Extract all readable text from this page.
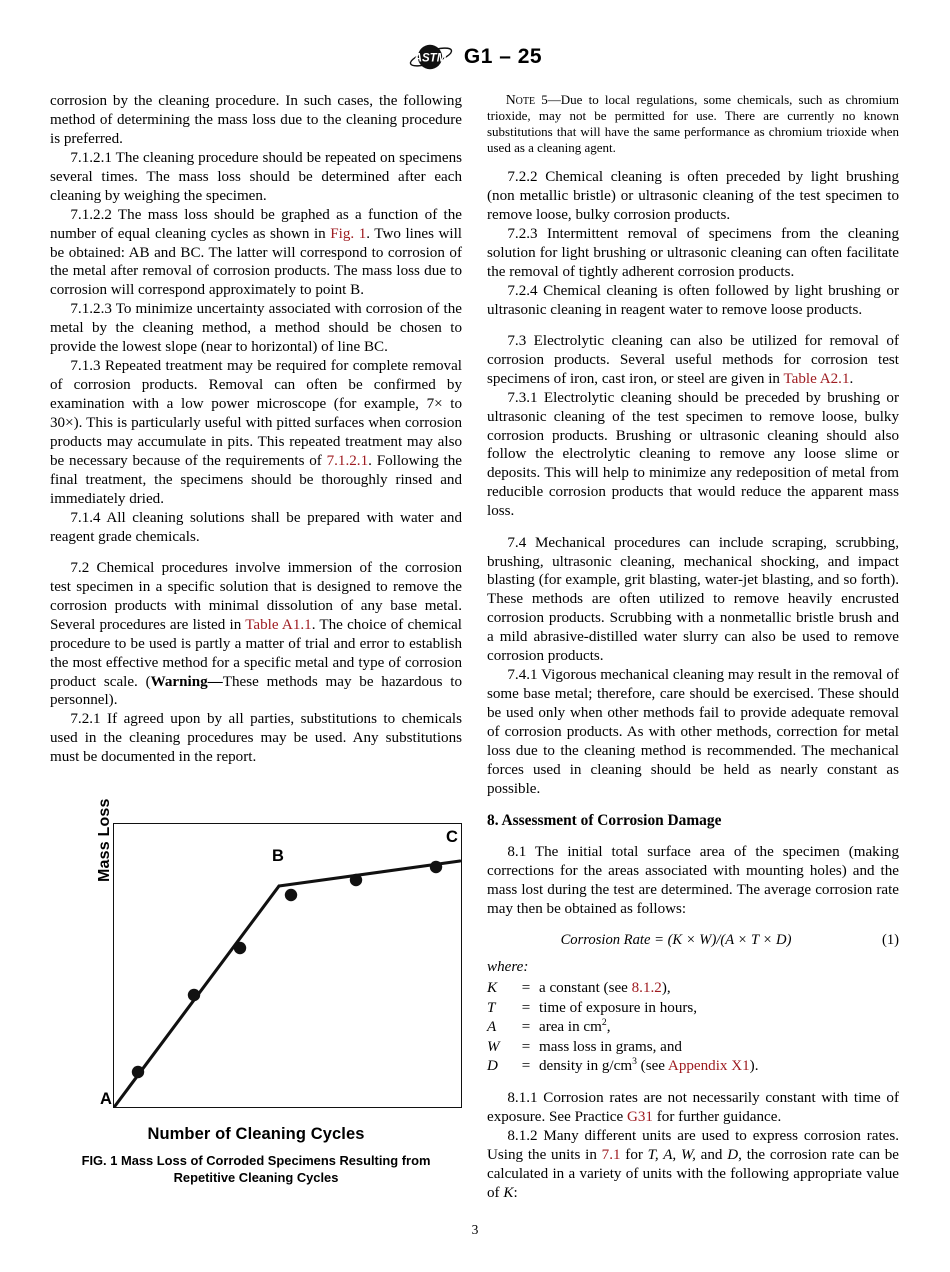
ASTM G1 – 25

corrosion by the cleaning procedure. In such cases, the following method of determining the mass loss due to the cleaning procedure is preferred.

7.1.2.1 The cleaning procedure should be repeated on specimens several times. The mass loss should be determined after each cleaning by weighing the specimen.

7.1.2.2 The mass loss should be graphed as a function of the number of equal cleaning cycles as shown in Fig. 1. Two lines will be obtained: AB and BC. The latter will correspond to corrosion of the metal after removal of corrosion products. The mass loss due to corrosion will correspond approximately to point B.

7.1.2.3 To minimize uncertainty associated with corrosion of the metal by the cleaning method, a method should be chosen to provide the lowest slope (near to horizontal) of line BC.

7.1.3 Repeated treatment may be required for complete removal of corrosion products. Removal can often be confirmed by examination with a low power microscope (for example, 7× to 30×). This is particularly useful with pitted surfaces when corrosion products may accumulate in pits. This repeated treatment may also be necessary because of the requirements of 7.1.2.1. Following the final treatment, the specimens should be thoroughly rinsed and immediately dried.

7.1.4 All cleaning solutions shall be prepared with water and reagent grade chemicals.

7.2 Chemical procedures involve immersion of the corrosion test specimen in a specific solution that is designed to remove the corrosion products with minimal dissolution of any base metal. Several procedures are listed in Table A1.1. The choice of chemical procedure to be used is partly a matter of trial and error to establish the most effective method for a specific metal and type of corrosion product scale. (Warning—These methods may be hazardous to personnel).

7.2.1 If agreed upon by all parties, substitutions to chemicals used in the cleaning procedures may be used. Any substitutions must be documented in the report.

Note 5—Due to local regulations, some chemicals, such as chromium trioxide, may not be permitted for use. There are currently no known substitutions that will have the same performance as chromium trioxide when used as a cleaning agent.

7.2.2 Chemical cleaning is often preceded by light brushing (non metallic bristle) or ultrasonic cleaning of the test specimen to remove loose, bulky corrosion products.

7.2.3 Intermittent removal of specimens from the cleaning solution for light brushing or ultrasonic cleaning can often facilitate the removal of tightly adherent corrosion products.

7.2.4 Chemical cleaning is often followed by light brushing or ultrasonic cleaning in reagent water to remove loose products.

7.3 Electrolytic cleaning can also be utilized for removal of corrosion products. Several useful methods for corrosion test specimens of iron, cast iron, or steel are given in Table A2.1.

7.3.1 Electrolytic cleaning should be preceded by brushing or ultrasonic cleaning of the test specimen to remove loose, bulky corrosion products. Brushing or ultrasonic cleaning should also follow the electrolytic cleaning to remove any loose slime or deposits. This will help to minimize any redeposition of metal from reducible corrosion products that would reduce the apparent mass loss.

7.4 Mechanical procedures can include scraping, scrubbing, brushing, ultrasonic cleaning, mechanical shocking, and impact blasting (for example, grit blasting, water-jet blasting, and so forth). These methods are often utilized to remove heavily encrusted corrosion products. Scrubbing with a nonmetallic bristle brush and a mild abrasive-distilled water slurry can also be used to remove corrosion products.

7.4.1 Vigorous mechanical cleaning may result in the removal of some base metal; therefore, care should be exercised. These should be used only when other methods fail to provide adequate removal of corrosion products. As with other methods, correction for metal loss due to the cleaning method is recommended. The mechanical forces used in cleaning should be held as nearly constant as possible.

8. Assessment of Corrosion Damage

8.1 The initial total surface area of the specimen (making corrections for the areas associated with mounting holes) and the mass lost during the test are determined. The average corrosion rate may then be obtained as follows:

Corrosion Rate = (K × W)/(A × T × D)	(1)

where:

K	=	a constant (see 8.1.2),
T	=	time of exposure in hours,
A	=	area in $cm^2$,
W	=	mass loss in grams, and
D	=	density in $g/cm^3$ (see Appendix X1).

8.1.1 Corrosion rates are not necessarily constant with time of exposure. See Practice G31 for further guidance.

8.1.2 Many different units are used to express corrosion rates. Using the units in 7.1 for T, A, W, and D, the corrosion rate can be calculated in a variety of units with the following appropriate value of K:

Mass Loss
A
B
C
Number of Cleaning Cycles
FIG. 1 Mass Loss of Corroded Specimens Resulting from Repetitive Cleaning Cycles
3
